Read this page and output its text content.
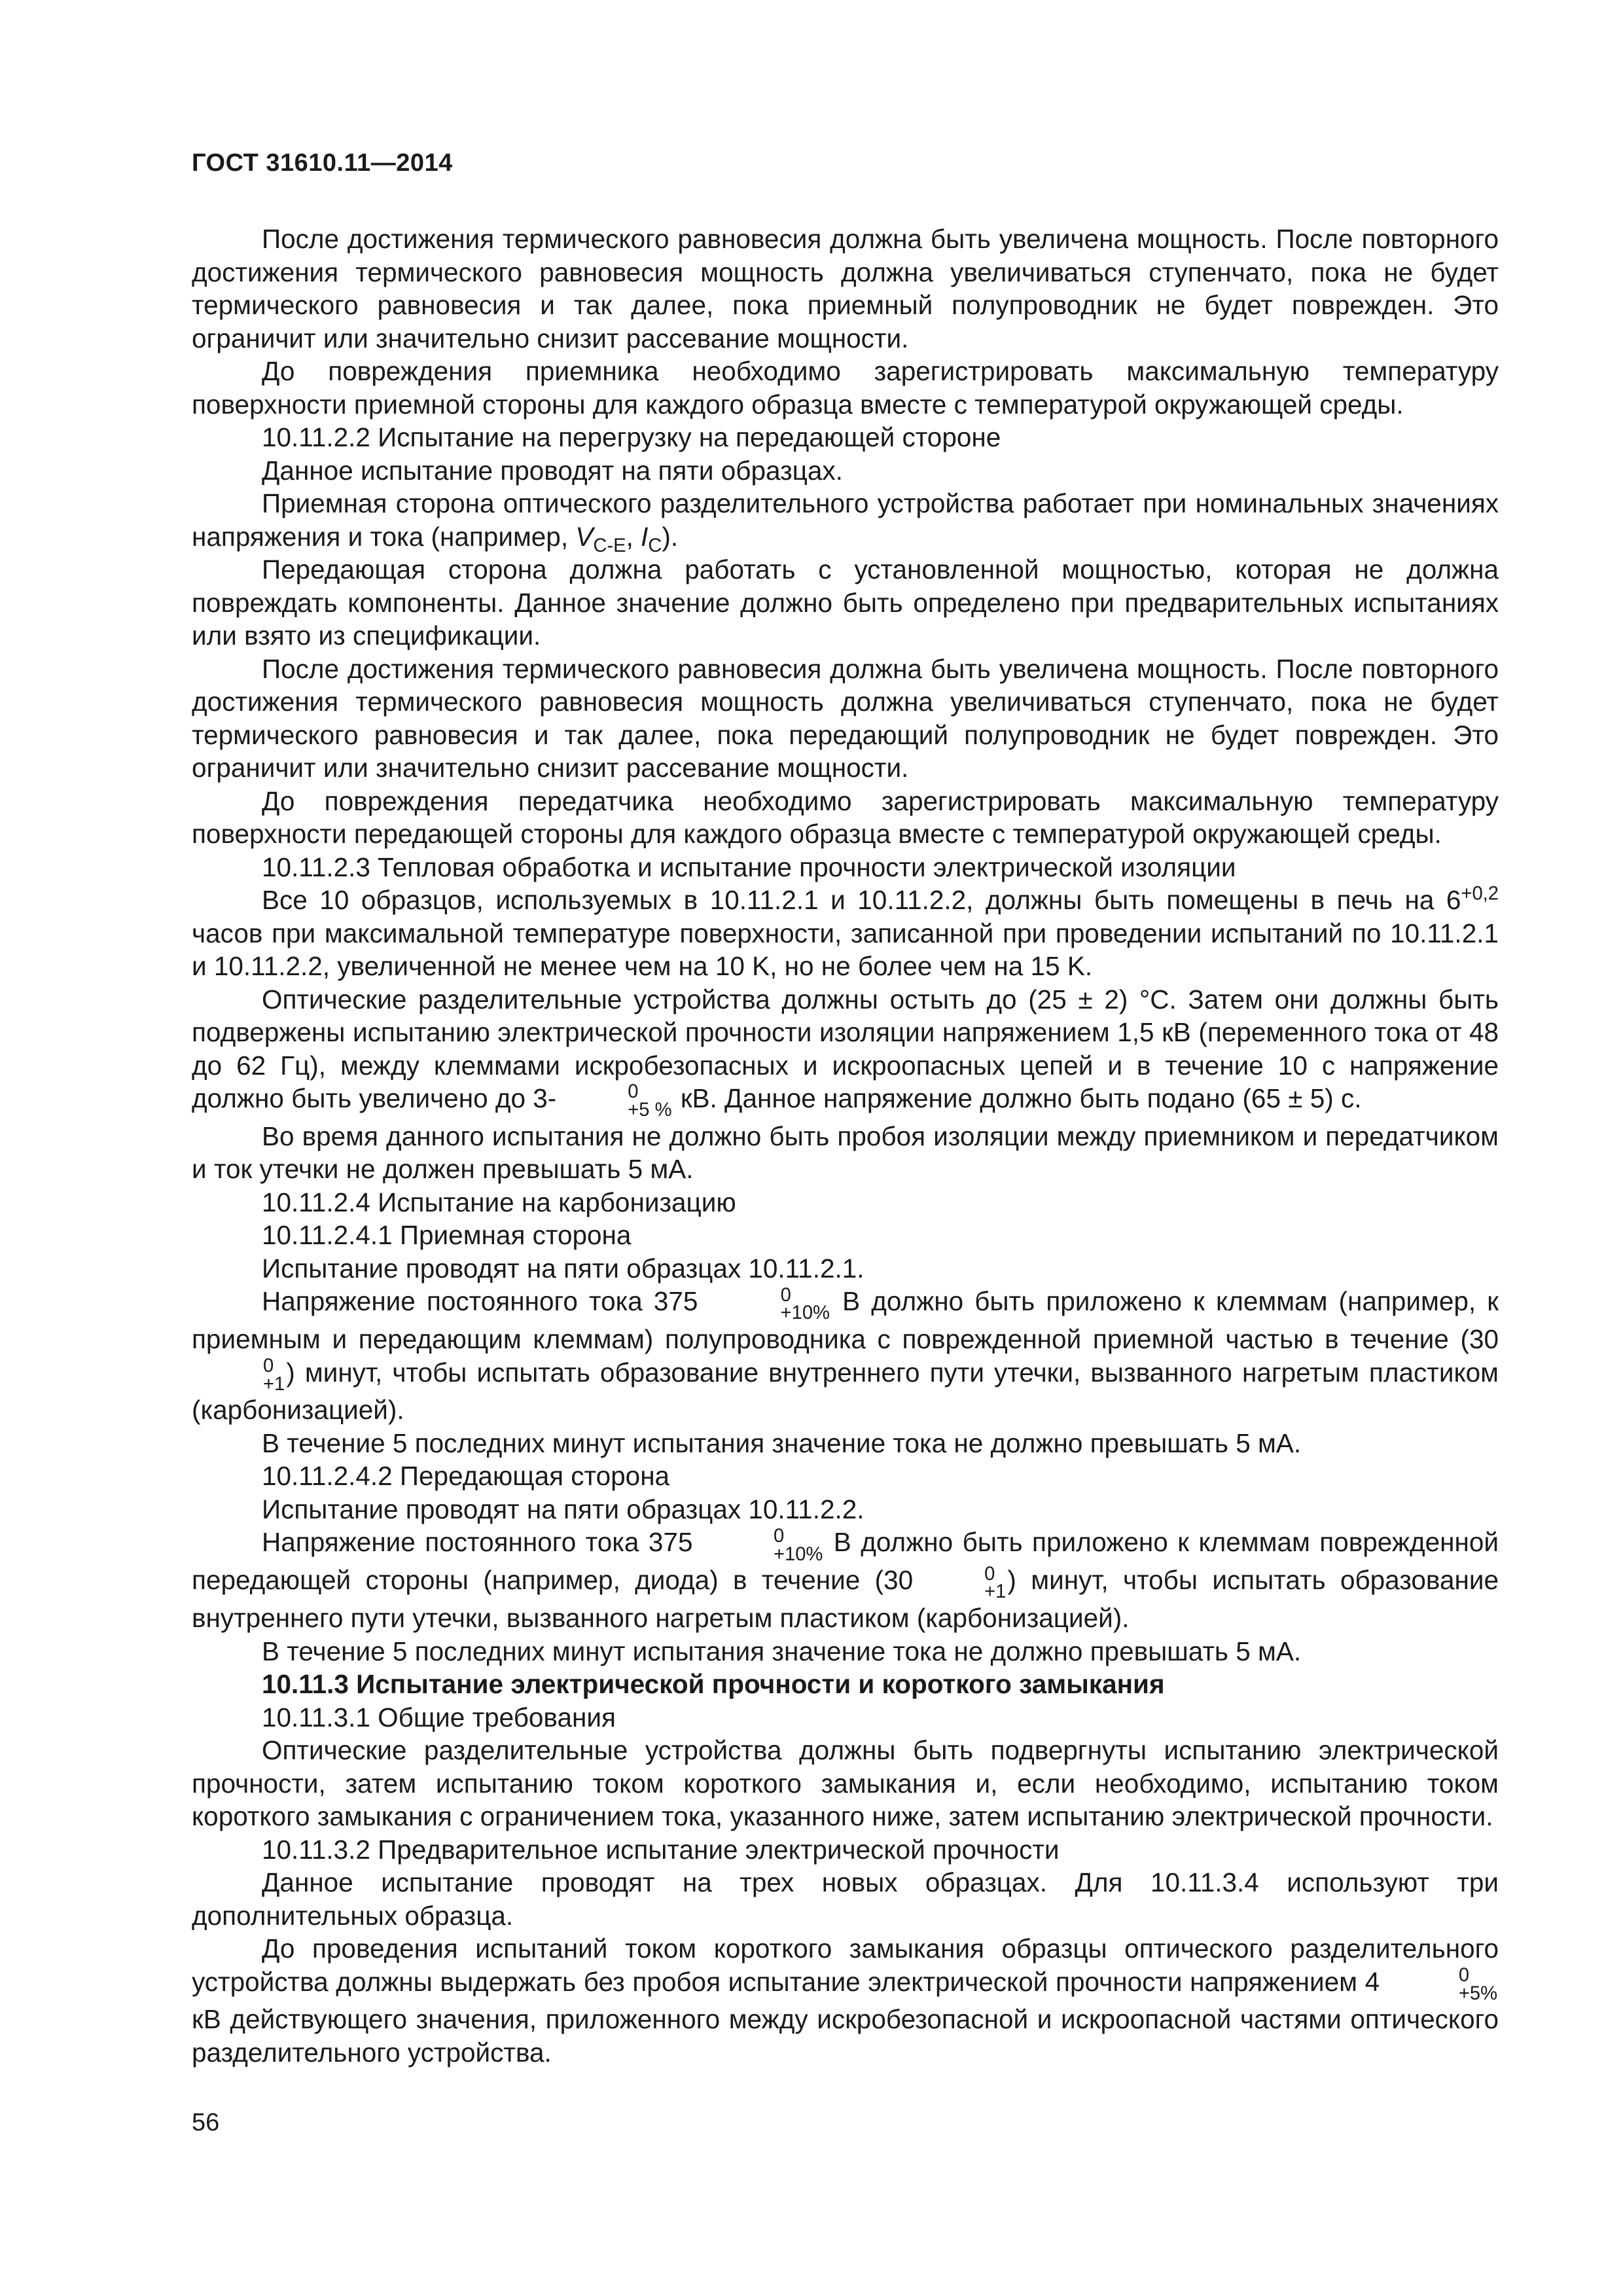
ГОСТ 31610.11—2014

После достижения термического равновесия должна быть увеличена мощность. После повторного достижения термического равновесия мощность должна увеличиваться ступенчато, пока не будет термического равновесия и так далее, пока приемный полупроводник не будет поврежден. Это ограничит или значительно снизит рассевание мощности.

До повреждения приемника необходимо зарегистрировать максимальную температуру поверхности приемной стороны для каждого образца вместе с температурой окружающей среды.

10.11.2.2 Испытание на перегрузку на передающей стороне

Данное испытание проводят на пяти образцах.

Приемная сторона оптического разделительного устройства работает при номинальных значениях напряжения и тока (например, $V_{C-E}$, $I_C$).

Передающая сторона должна работать с установленной мощностью, которая не должна повреждать компоненты. Данное значение должно быть определено при предварительных испытаниях или взято из спецификации.

После достижения термического равновесия должна быть увеличена мощность. После повторного достижения термического равновесия мощность должна увеличиваться ступенчато, пока не будет термического равновесия и так далее, пока передающий полупроводник не будет поврежден. Это ограничит или значительно снизит рассевание мощности.

До повреждения передатчика необходимо зарегистрировать максимальную температуру поверхности передающей стороны для каждого образца вместе с температурой окружающей среды.

10.11.2.3 Тепловая обработка и испытание прочности электрической изоляции

Все 10 образцов, используемых в 10.11.2.1 и 10.11.2.2, должны быть помещены в печь на $6^{+0,2}$ часов при максимальной температуре поверхности, записанной при проведении испытаний по 10.11.2.1 и 10.11.2.2, увеличенной не менее чем на 10 K, но не более чем на 15 K.

Оптические разделительные устройства должны остыть до (25 ± 2) °C. Затем они должны быть подвержены испытанию электрической прочности изоляции напряжением 1,5 кВ (переменного тока от 48 до 62 Гц), между клеммами искробезопасных и искроопасных цепей и в течение 10 с напряжение должно быть увеличено до 3-	0
+5 % кВ. Данное напряжение должно быть подано (65 ± 5) с.

Во время данного испытания не должно быть пробоя изоляции между приемником и передатчиком и ток утечки не должен превышать 5 мА.

10.11.2.4 Испытание на карбонизацию

10.11.2.4.1 Приемная сторона

Испытание проводят на пяти образцах 10.11.2.1.

Напряжение постоянного тока 375	0
+10% В должно быть приложено к клеммам (например, к приемным и передающим клеммам) полупроводника с поврежденной приемной частью в течение (30
0
+1 ) минут, чтобы испытать образование внутреннего пути утечки, вызванного нагретым пластиком (карбонизацией).

В течение 5 последних минут испытания значение тока не должно превышать 5 мА.

10.11.2.4.2 Передающая сторона

Испытание проводят на пяти образцах 10.11.2.2.

Напряжение постоянного тока 375	0
+10% В должно быть приложено к клеммам поврежденной передающей стороны (например, диода) в течение (30	0
+1 ) минут, чтобы испытать образование внутреннего пути утечки, вызванного нагретым пластиком (карбонизацией).

В течение 5 последних минут испытания значение тока не должно превышать 5 мА.

10.11.3 Испытание электрической прочности и короткого замыкания

10.11.3.1 Общие требования

Оптические разделительные устройства должны быть подвергнуты испытанию электрической прочности, затем испытанию током короткого замыкания и, если необходимо, испытанию током короткого замыкания с ограничением тока, указанного ниже, затем испытанию электрической прочности.

10.11.3.2 Предварительное испытание электрической прочности

Данное испытание проводят на трех новых образцах. Для 10.11.3.4 используют три дополнительных образца.

До проведения испытаний током короткого замыкания образцы оптического разделительного устройства должны выдержать без пробоя испытание электрической прочности напряжением 4	0
+5%
кВ действующего значения, приложенного между искробезопасной и искроопасной частями оптического разделительного устройства.

56
